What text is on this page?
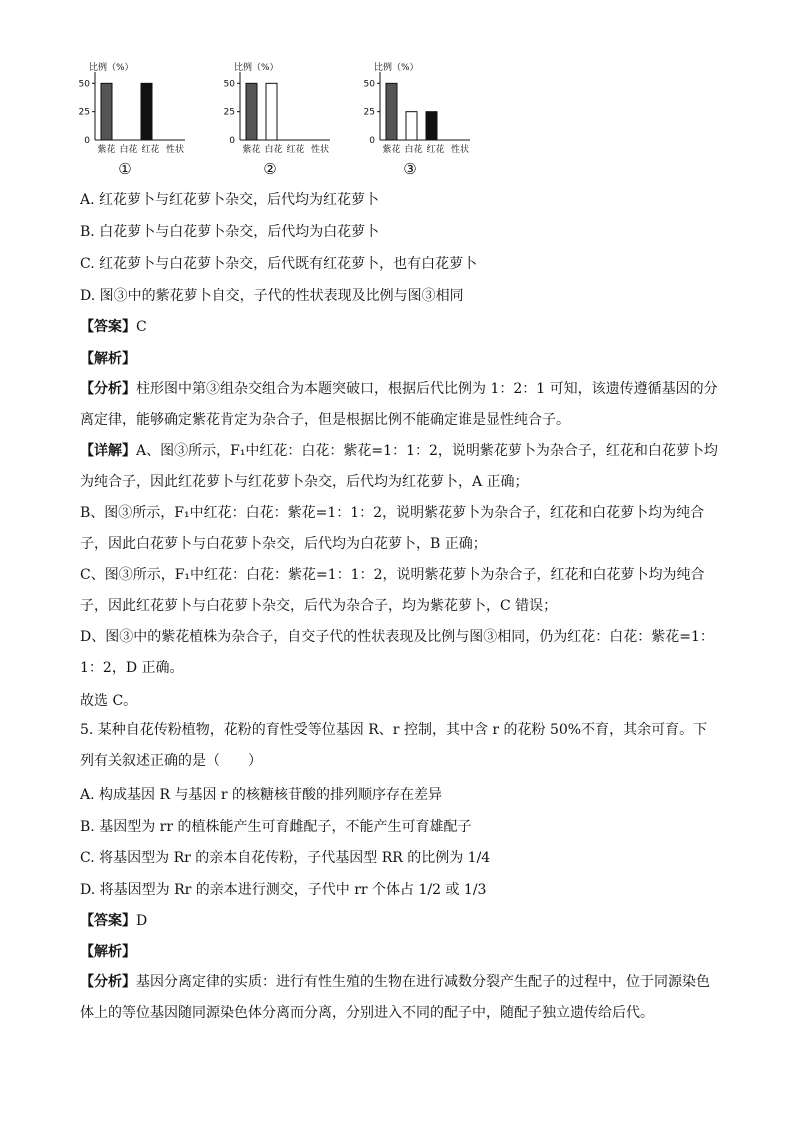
比例（%）
50
25
0
紫花 白花 红花 性状
①
比例（%）
50
25
0
紫花 白花 红花 性状
②
比例（%）
50
25
0
紫花 白花 红花 性状
③
A. 红花萝卜与红花萝卜杂交，后代均为红花萝卜
B. 白花萝卜与白花萝卜杂交，后代均为白花萝卜
C. 红花萝卜与白花萝卜杂交，后代既有红花萝卜，也有白花萝卜
D. 图③中的紫花萝卜自交，子代的性状表现及比例与图③相同
【答案】C
【解析】
【分析】柱形图中第③组杂交组合为本题突破口，根据后代比例为 1：2：1 可知，该遗传遵循基因的分离定律，能够确定紫花肯定为杂合子，但是根据比例不能确定谁是显性纯合子。
【详解】A、图③所示，F₁中红花：白花：紫花=1：1：2，说明紫花萝卜为杂合子，红花和白花萝卜均为纯合子，因此红花萝卜与红花萝卜杂交，后代均为红花萝卜，A 正确；
B、图③所示，F₁中红花：白花：紫花=1：1：2，说明紫花萝卜为杂合子，红花和白花萝卜均为纯合子，因此白花萝卜与白花萝卜杂交，后代均为白花萝卜，B 正确；
C、图③所示，F₁中红花：白花：紫花=1：1：2，说明紫花萝卜为杂合子，红花和白花萝卜均为纯合子，因此红花萝卜与白花萝卜杂交，后代为杂合子，均为紫花萝卜，C 错误；
D、图③中的紫花植株为杂合子，自交子代的性状表现及比例与图③相同，仍为红花：白花：紫花=1：1：2，D 正确。
故选 C。
5. 某种自花传粉植物，花粉的育性受等位基因 R、r 控制，其中含 r 的花粉 50%不育，其余可育。下列有关叙述正确的是（　　）
A. 构成基因 R 与基因 r 的核糖核苷酸的排列顺序存在差异
B. 基因型为 rr 的植株能产生可育雌配子，不能产生可育雄配子
C. 将基因型为 Rr 的亲本自花传粉，子代基因型 RR 的比例为 1/4
D. 将基因型为 Rr 的亲本进行测交，子代中 rr 个体占 1/2 或 1/3
【答案】D
【解析】
【分析】基因分离定律的实质：进行有性生殖的生物在进行减数分裂产生配子的过程中，位于同源染色体上的等位基因随同源染色体分离而分离，分别进入不同的配子中，随配子独立遗传给后代。
